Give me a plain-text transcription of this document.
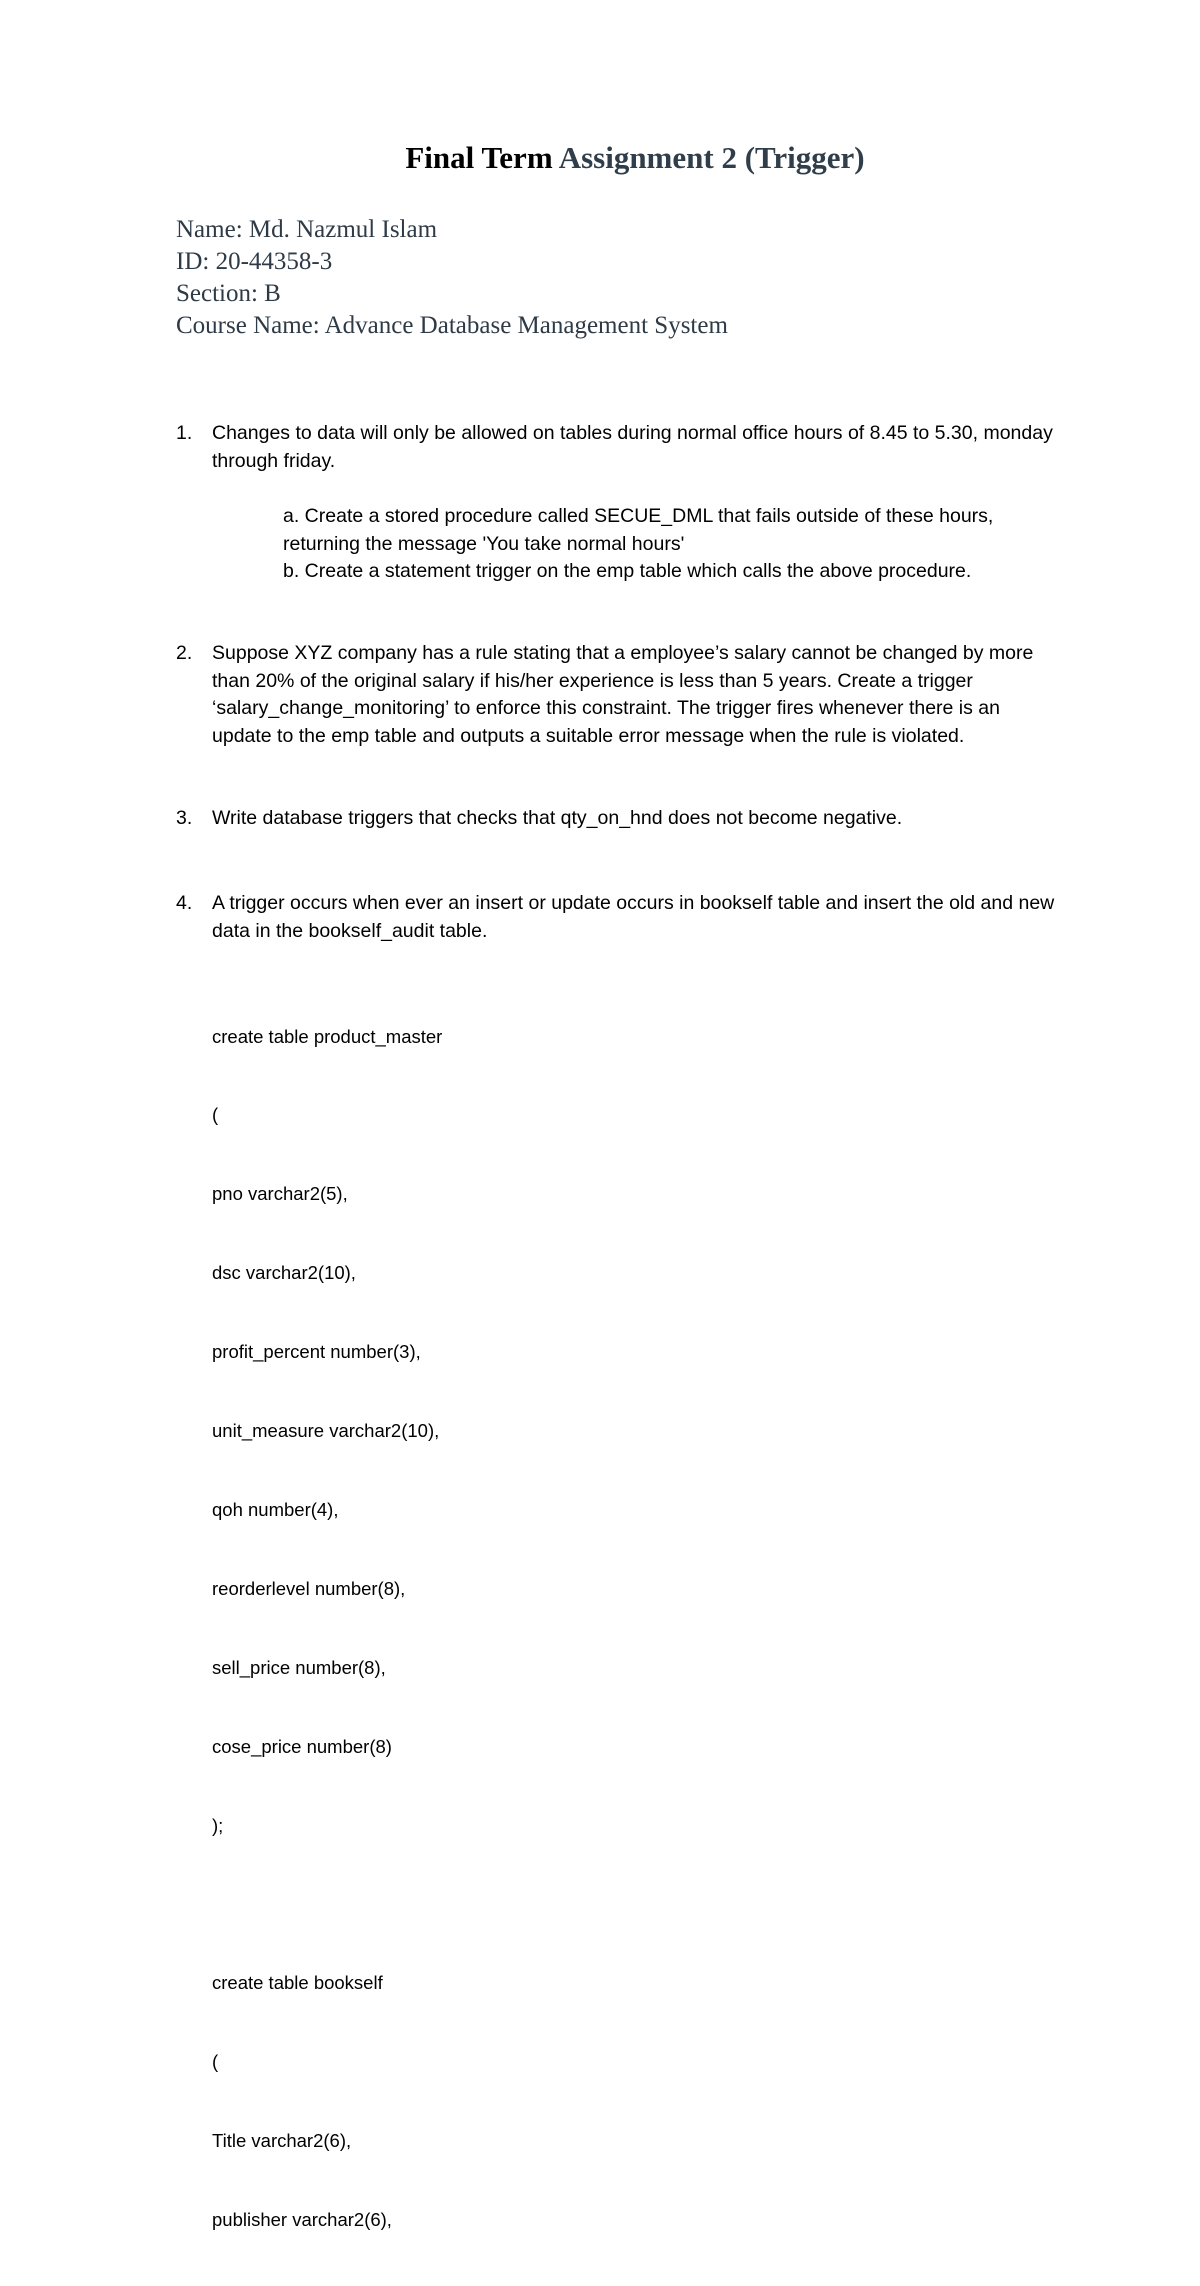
Final Term Assignment 2 (Trigger)
Name: Md. Nazmul Islam
ID: 20-44358-3
Section: B
Course Name: Advance Database Management System
1. Changes to data will only be allowed on tables during normal office hours of 8.45 to 5.30, monday through friday.
a. Create a stored procedure called SECUE_DML that fails outside of these hours, returning the message 'You take normal hours'
b. Create a statement trigger on the emp table which calls the above procedure.
2. Suppose XYZ company has a rule stating that a employee’s salary cannot be changed by more than 20% of the original salary if his/her experience is less than 5 years. Create a trigger ‘salary_change_monitoring’ to enforce this constraint. The trigger fires whenever there is an update to the emp table and outputs a suitable error message when the rule is violated.
3. Write database triggers that checks that qty_on_hnd does not become negative.
4. A trigger occurs when ever an insert or update occurs in bookself table and insert the old and new data in the bookself_audit table.

create table product_master

(

pno varchar2(5),

dsc varchar2(10),

profit_percent number(3),

unit_measure varchar2(10),

qoh number(4),

reorderlevel number(8),

sell_price number(8),

cose_price number(8)

);

create table bookself

(

Title varchar2(6),

publisher varchar2(6),
